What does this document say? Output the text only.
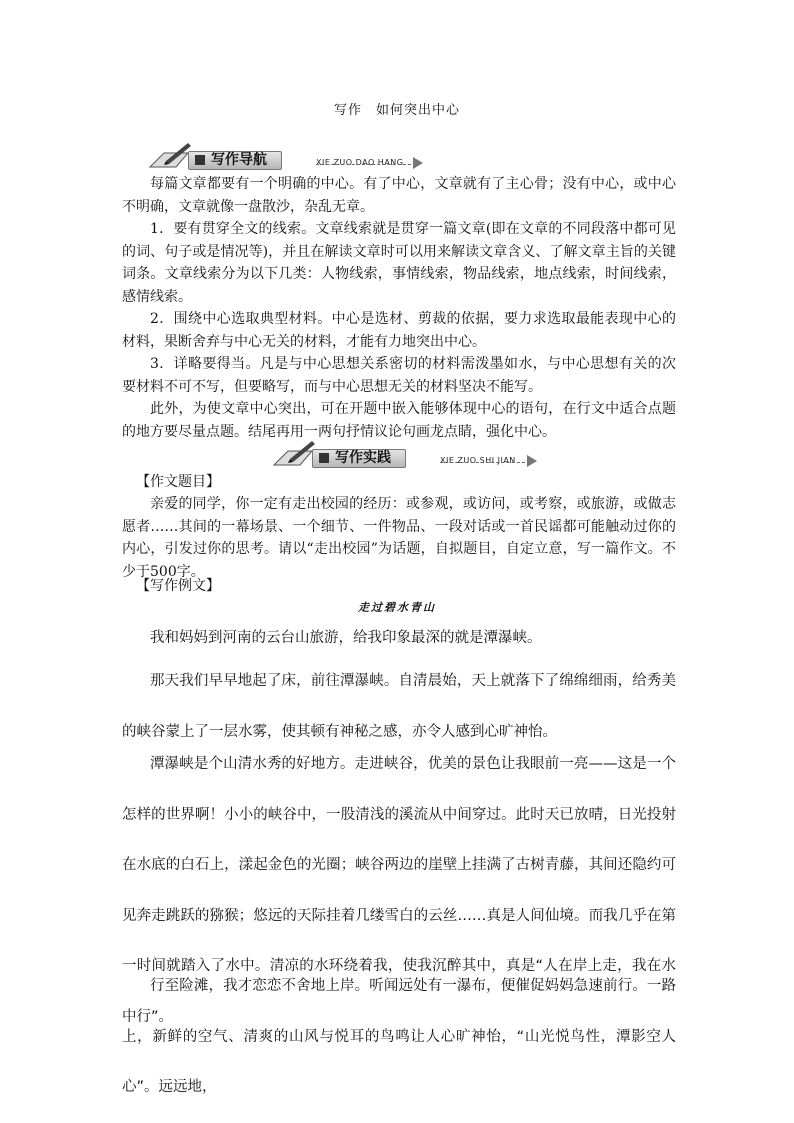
写作 如何突出中心
写作导航	XIE ZUO DAO HANG

每篇文章都要有一个明确的中心。有了中心，文章就有了主心骨；没有中心，或中心不明确，文章就像一盘散沙，杂乱无章。

1．要有贯穿全文的线索。文章线索就是贯穿一篇文章(即在文章的不同段落中都可见的词、句子或是情况等)，并且在解读文章时可以用来解读文章含义、了解文章主旨的关键词条。文章线索分为以下几类：人物线索，事情线索，物品线索，地点线索，时间线索，感情线索。

2．围绕中心选取典型材料。中心是选材、剪裁的依据，要力求选取最能表现中心的材料，果断舍弃与中心无关的材料，才能有力地突出中心。

3．详略要得当。凡是与中心思想关系密切的材料需泼墨如水，与中心思想有关的次要材料不可不写，但要略写，而与中心思想无关的材料坚决不能写。

此外，为使文章中心突出，可在开题中嵌入能够体现中心的语句，在行文中适合点题的地方要尽量点题。结尾再用一两句抒情议论句画龙点睛，强化中心。

写作实践	XIE ZUO SHI JIAN

【作文题目】

亲爱的同学，你一定有走出校园的经历：或参观，或访问，或考察，或旅游，或做志愿者……其间的一幕场景、一个细节、一件物品、一段对话或一首民谣都可能触动过你的内心，引发过你的思考。请以“走出校园”为话题，自拟题目，自定立意，写一篇作文。不少于500字。

【写作例文】

走过碧水青山

我和妈妈到河南的云台山旅游，给我印象最深的就是潭瀑峡。

那天我们早早地起了床，前往潭瀑峡。自清晨始，天上就落下了绵绵细雨，给秀美的峡谷蒙上了一层水雾，使其顿有神秘之感，亦令人感到心旷神怡。

潭瀑峡是个山清水秀的好地方。走进峡谷，优美的景色让我眼前一亮——这是一个怎样的世界啊！小小的峡谷中，一股清浅的溪流从中间穿过。此时天已放晴，日光投射在水底的白石上，漾起金色的光圈；峡谷两边的崖壁上挂满了古树青藤，其间还隐约可见奔走跳跃的猕猴；悠远的天际挂着几缕雪白的云丝……真是人间仙境。而我几乎在第一时间就踏入了水中。清凉的水环绕着我，使我沉醉其中，真是“人在岸上走，我在水中行”。

行至险滩，我才恋恋不舍地上岸。听闻远处有一瀑布，便催促妈妈急速前行。一路上，新鲜的空气、清爽的山风与悦耳的鸟鸣让人心旷神怡，“山光悦鸟性，潭影空人心”。远远地，
